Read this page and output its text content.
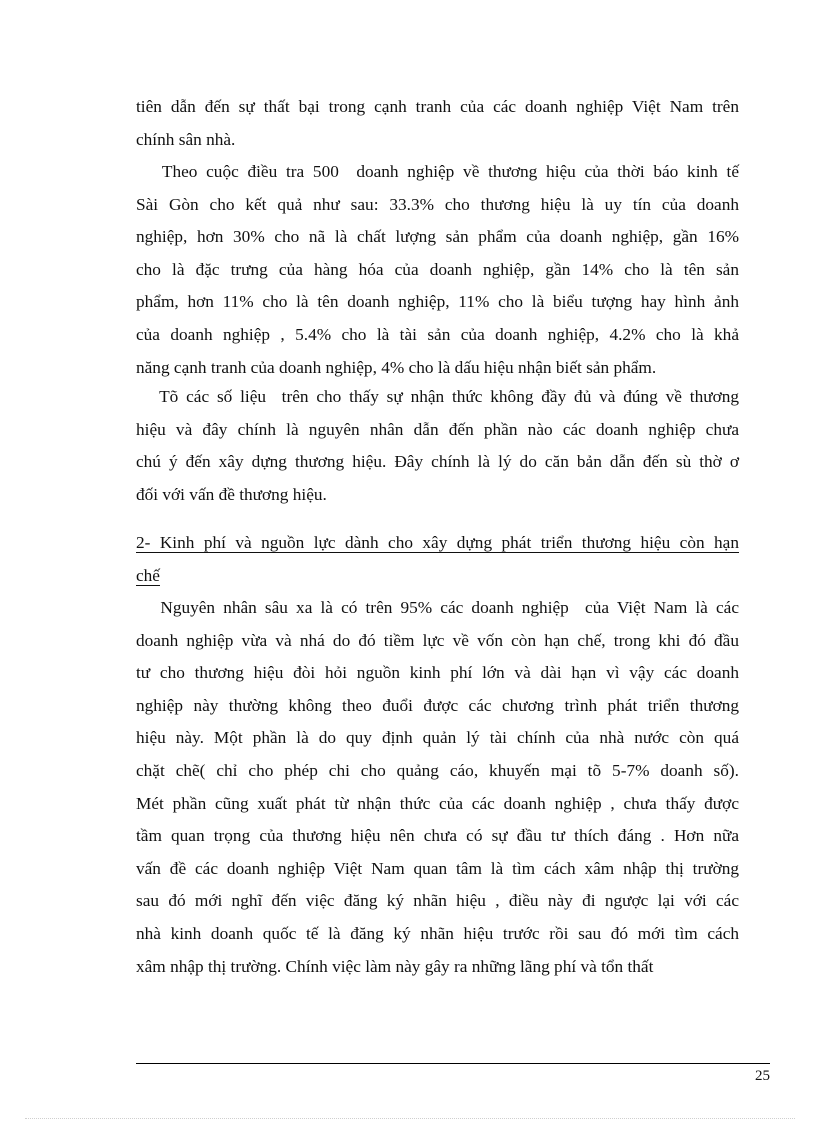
tiên dẫn đến sự thất bại trong cạnh tranh của các doanh nghiệp Việt Nam trên
chính sân nhà.
Theo cuộc điều tra 500  doanh nghiệp về thương hiệu của thời báo kinh tế
Sài Gòn cho kết quả như sau: 33.3% cho thương hiệu là uy tín của doanh
nghiệp, hơn 30% cho nã là chất lượng sản phẩm của doanh nghiệp, gần 16%
cho là đặc trưng của hàng hóa của doanh nghiệp, gần 14% cho là tên sản
phẩm, hơn 11% cho là tên doanh nghiệp, 11% cho là biểu tượng hay hình ảnh
của doanh nghiệp , 5.4% cho là tài sản của doanh nghiệp, 4.2% cho là khả
năng cạnh tranh của doanh nghiệp, 4% cho là dấu hiệu nhận biết sản phẩm.
Tõ các số liệu  trên cho thấy sự nhận thức không đầy đủ và đúng về thương
hiệu và đây chính là nguyên nhân dẫn đến phần nào các doanh nghiệp chưa
chú ý đến xây dựng thương hiệu. Đây chính là lý do căn bản dẫn đến sù thờ ơ
đối với vấn đề thương hiệu.
2- Kinh phí và nguồn lực dành cho xây dựng phát triển thương hiệu còn hạn
chế
Nguyên nhân sâu xa là có trên 95% các doanh nghiệp  của Việt Nam là các
doanh nghiệp vừa và nhá do đó tiềm lực về vốn còn hạn chế, trong khi đó đầu
tư cho thương hiệu đòi hỏi nguồn kinh phí lớn và dài hạn vì vậy các doanh
nghiệp này thường không theo đuổi được các chương trình phát triển thương
hiệu này. Một phần là do quy định quản lý tài chính của nhà nước còn quá
chặt chẽ( chỉ cho phép chi cho quảng cáo, khuyến mại tõ 5-7% doanh số).
Mét phần cũng xuất phát từ nhận thức của các doanh nghiệp , chưa thấy được
tầm quan trọng của thương hiệu nên chưa có sự đầu tư thích đáng . Hơn nữa
vấn đề các doanh nghiệp Việt Nam quan tâm là tìm cách xâm nhập thị trường
sau đó mới nghĩ đến việc đăng ký nhãn hiệu , điều này đi ngược lại với các
nhà kinh doanh quốc tế là đăng ký nhãn hiệu trước rồi sau đó mới tìm cách
xâm nhập thị trường. Chính việc làm này gây ra những lãng phí và tổn thất
25
